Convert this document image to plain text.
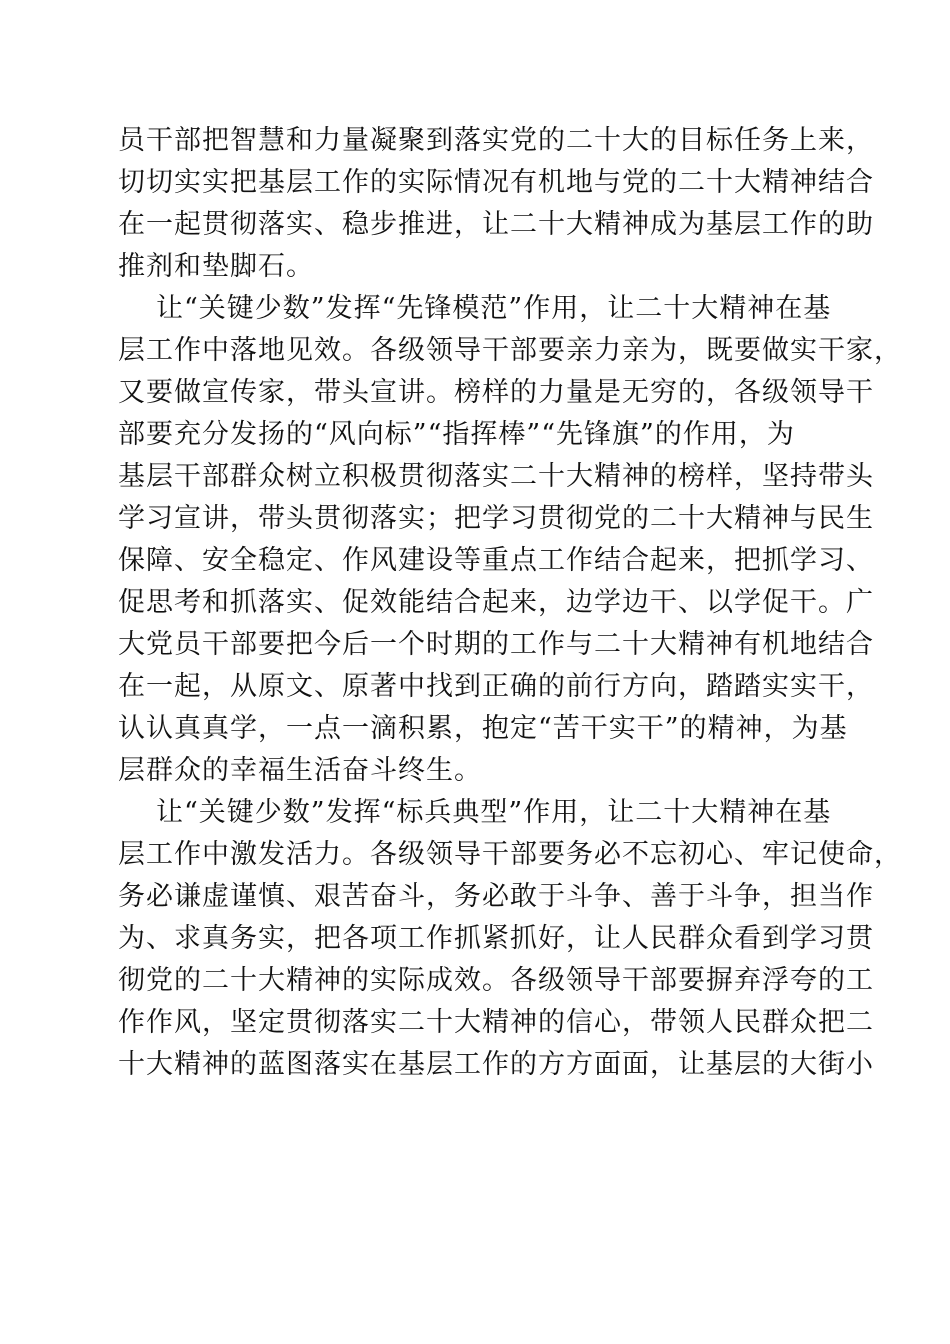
员干部把智慧和力量凝聚到落实党的二十大的目标任务上来，
切切实实把基层工作的实际情况有机地与党的二十大精神结合
在一起贯彻落实、稳步推进，让二十大精神成为基层工作的助
推剂和垫脚石。
让“关键少数”发挥“先锋模范”作用，让二十大精神在基
层工作中落地见效。各级领导干部要亲力亲为，既要做实干家，
又要做宣传家，带头宣讲。榜样的力量是无穷的，各级领导干
部要充分发扬的“风向标”“指挥棒”“先锋旗”的作用，为
基层干部群众树立积极贯彻落实二十大精神的榜样，坚持带头
学习宣讲，带头贯彻落实；把学习贯彻党的二十大精神与民生
保障、安全稳定、作风建设等重点工作结合起来，把抓学习、
促思考和抓落实、促效能结合起来，边学边干、以学促干。广
大党员干部要把今后一个时期的工作与二十大精神有机地结合
在一起，从原文、原著中找到正确的前行方向，踏踏实实干，
认认真真学，一点一滴积累，抱定“苦干实干”的精神，为基
层群众的幸福生活奋斗终生。
让“关键少数”发挥“标兵典型”作用，让二十大精神在基
层工作中激发活力。各级领导干部要务必不忘初心、牢记使命，
务必谦虚谨慎、艰苦奋斗，务必敢于斗争、善于斗争，担当作
为、求真务实，把各项工作抓紧抓好，让人民群众看到学习贯
彻党的二十大精神的实际成效。各级领导干部要摒弃浮夸的工
作作风，坚定贯彻落实二十大精神的信心，带领人民群众把二
十大精神的蓝图落实在基层工作的方方面面，让基层的大街小
